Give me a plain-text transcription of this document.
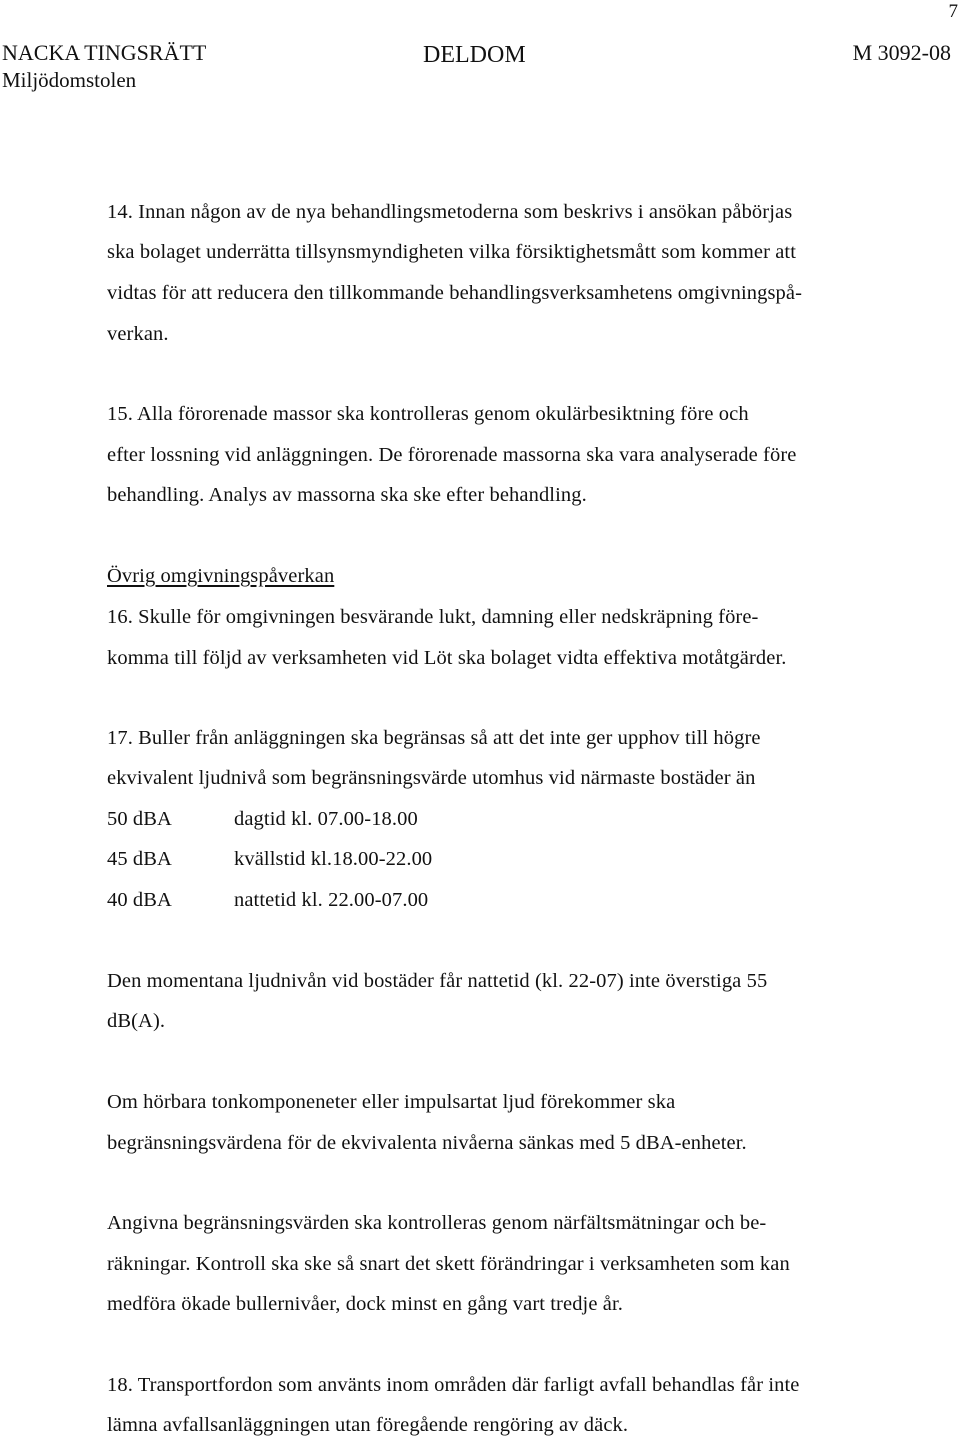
7
NACKA TINGSRÄTT
Miljödomstolen
DELDOM	M 3092-08
14. Innan någon av de nya behandlingsmetoderna som beskrivs i ansökan påbörjas
ska bolaget underrätta tillsynsmyndigheten vilka försiktighetsmått som kommer att
vidtas för att reducera den tillkommande behandlingsverksamhetens omgivningspå-
verkan.
15. Alla förorenade massor ska kontrolleras genom okulärbesiktning före och
efter lossning vid anläggningen. De förorenade massorna ska vara analyserade före
behandling. Analys av massorna ska ske efter behandling.
Övrig omgivningspåverkan
16. Skulle för omgivningen besvärande lukt, damning eller nedskräpning före-
komma till följd av verksamheten vid Löt ska bolaget vidta effektiva motåtgärder.
17. Buller från anläggningen ska begränsas så att det inte ger upphov till högre
ekvivalent ljudnivå som begränsningsvärde utomhus vid närmaste bostäder än
50 dBA	dagtid kl. 07.00-18.00
45 dBA	kvällstid kl.18.00-22.00
40 dBA	nattetid kl. 22.00-07.00
Den momentana ljudnivån vid bostäder får nattetid (kl. 22-07) inte överstiga 55
dB(A).
Om hörbara tonkomponeneter eller impulsartat ljud förekommer ska
begränsningsvärdena för de ekvivalenta nivåerna sänkas med 5 dBA-enheter.
Angivna begränsningsvärden ska kontrolleras genom närfältsmätningar och be-
räkningar. Kontroll ska ske så snart det skett förändringar i verksamheten som kan
medföra ökade bullernivåer, dock minst en gång vart tredje år.
18. Transportfordon som använts inom områden där farligt avfall behandlas får inte
lämna avfallsanläggningen utan föregående rengöring av däck.
